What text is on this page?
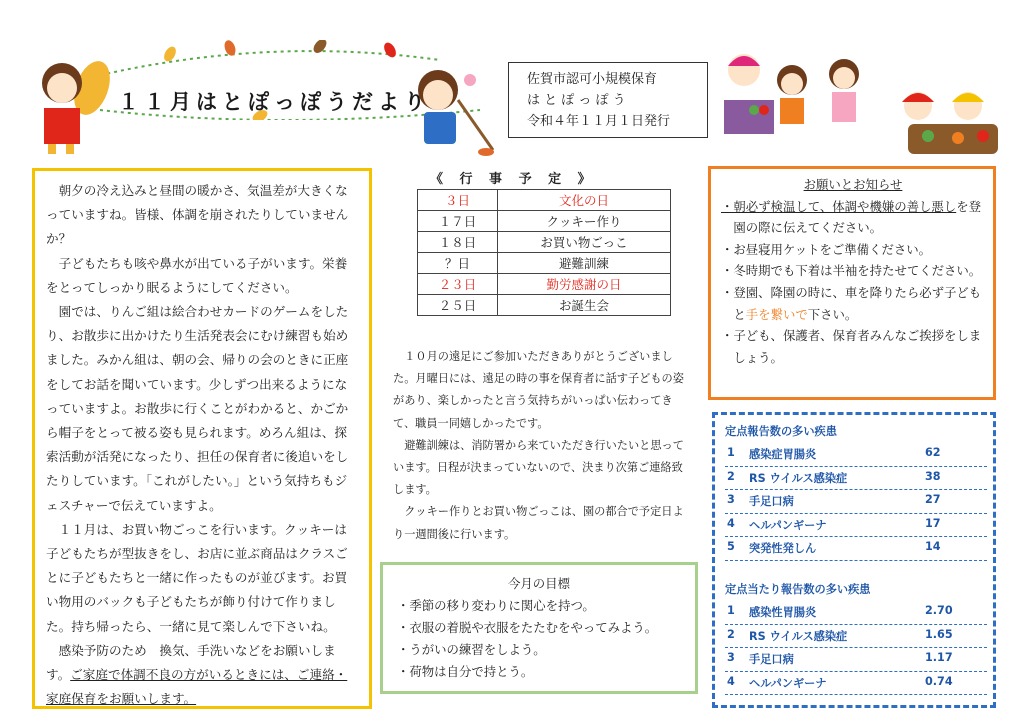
１１月はとぽっぽうだより
佐賀市認可小規模保育
は と ぽ っ ぽ う
令和４年１１月１日発行

朝夕の冷え込みと昼間の暖かさ、気温差が大きくなっていますね。皆様、体調を崩されたりしていませんか？

子どもたちも咳や鼻水が出ている子がいます。栄養をとってしっかり眠るようにしてください。

園では、りんご組は絵合わせカードのゲームをしたり、お散歩に出かけたり生活発表会にむけ練習も始めました。みかん組は、朝の会、帰りの会のときに正座をしてお話を聞いています。少しずつ出来るようになっていますよ。お散歩に行くことがわかると、かごから帽子をとって被る姿も見られます。めろん組は、探索活動が活発になったり、担任の保育者に後追いをしたりしています。「これがしたい。」という気持ちもジェスチャーで伝えていますよ。

１１月は、お買い物ごっこを行います。クッキーは子どもたちが型抜きをし、お店に並ぶ商品はクラスごとに子どもたちと一緒に作ったものが並びます。お買い物用のバックも子どもたちが飾り付けて作りました。持ち帰ったら、一緒に見て楽しんで下さいね。

感染予防のため　換気、手洗いなどをお願いします。ご家庭で体調不良の方がいるときには、ご連絡・家庭保育をお願いします。

《 行 事 予 定 》
３日	文化の日
１７日	クッキー作り
１８日	お買い物ごっこ
？日	避難訓練
２３日	勤労感謝の日
２５日	お誕生会

１０月の遠足にご参加いただきありがとうございました。月曜日には、遠足の時の事を保育者に話す子どもの姿があり、楽しかったと言う気持ちがいっぱい伝わってきて、職員一同嬉しかったです。

避難訓練は、消防署から来ていただき行いたいと思っています。日程が決まっていないので、決まり次第ご連絡致します。

クッキー作りとお買い物ごっこは、園の都合で予定日より一週間後に行います。

今月の目標
・季節の移り変わりに関心を持つ。
・衣服の着脱や衣服をたたむをやってみよう。
・うがいの練習をしよう。
・荷物は自分で持とう。
お願いとお知らせ
・朝必ず検温して、体調や機嫌の善し悪しを登園の際に伝えてください。
・お昼寝用ケットをご準備ください。
・冬時期でも下着は半袖を持たせてください。
・登園、降園の時に、車を降りたら必ず子どもと手を繋いで下さい。
・子ども、保護者、保育者みんなご挨拶をしましょう。
定点報告数の多い疾患
1 感染症胃腸炎	62
2 RS ウイルス感染症	38
3 手足口病	27
4 ヘルパンギーナ	17
5 突発性発しん	14
定点当たり報告数の多い疾患
1 感染性胃腸炎	2.70
2 RS ウイルス感染症	1.65
3 手足口病	1.17
4 ヘルパンギーナ	0.74
